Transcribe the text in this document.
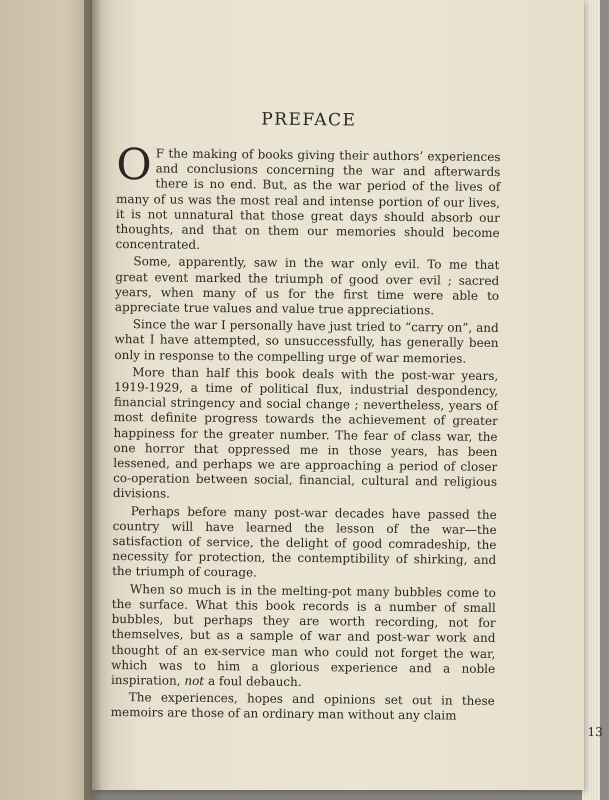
PREFACE

O F the making of books giving their authors’ experiences and conclusions concerning the war and afterwards there is no end. But, as the war period of the lives of many of us was the most real and intense portion of our lives, it is not unnatural that those great days should absorb our thoughts, and that on them our memories should become concentrated.

Some, apparently, saw in the war only evil. To me that great event marked the triumph of good over evil ; sacred years, when many of us for the first time were able to appreciate true values and value true appreciations.

Since the war I personally have just tried to “carry on”, and what I have attempted, so unsuccessfully, has generally been only in response to the compelling urge of war memories.

More than half this book deals with the post-war years, 1919-1929, a time of political flux, industrial despondency, financial stringency and social change ; nevertheless, years of most definite progress towards the achievement of greater happiness for the greater number. The fear of class war, the one horror that oppressed me in those years, has been lessened, and perhaps we are approaching a period of closer co-operation between social, financial, cultural and religious divisions.

Perhaps before many post-war decades have passed the country will have learned the lesson of the war—the satisfaction of service, the delight of good comradeship, the necessity for protection, the contemptibility of shirking, and the triumph of courage.

When so much is in the melting-pot many bubbles come to the surface. What this book records is a number of small bubbles, but perhaps they are worth recording, not for themselves, but as a sample of war and post-war work and thought of an ex-service man who could not forget the war, which was to him a glorious experience and a noble inspiration, not a foul debauch.

The experiences, hopes and opinions set out in these memoirs are those of an ordinary man without any claim

13
